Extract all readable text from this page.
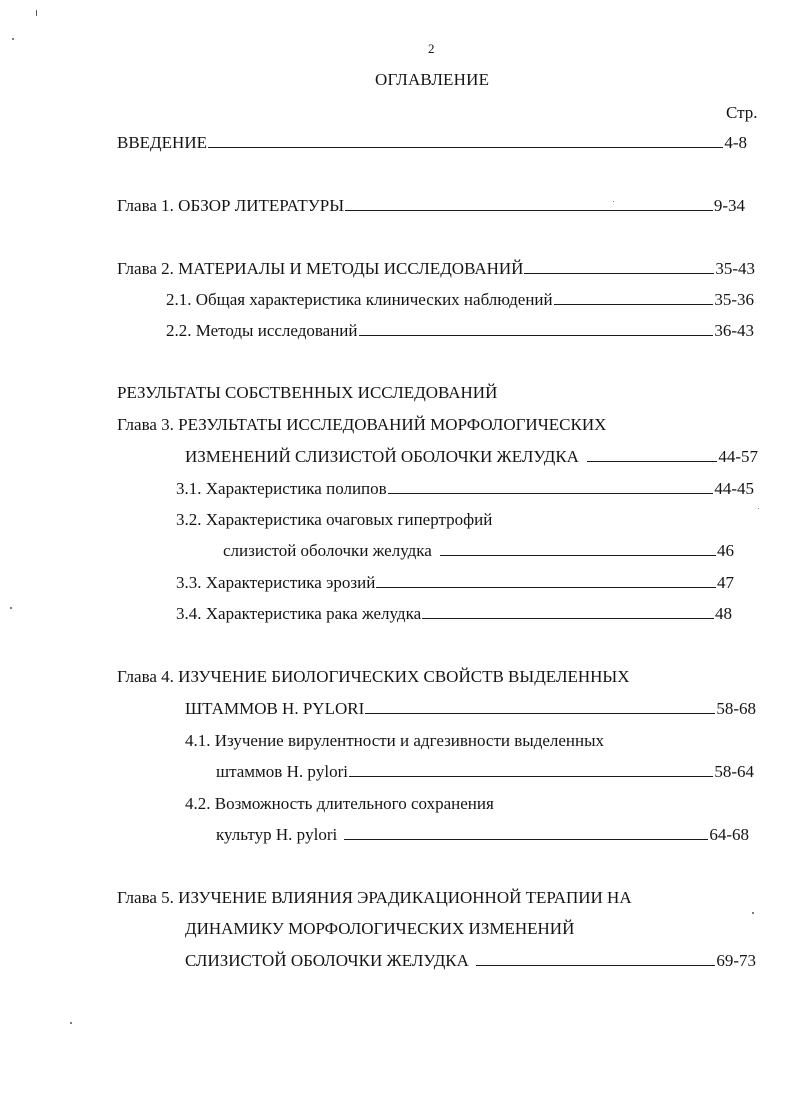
2
ОГЛАВЛЕНИЕ
Стр.
ВВЕДЕНИЕ	4-8
Глава 1. ОБЗОР ЛИТЕРАТУРЫ	9-34
Глава 2. МАТЕРИАЛЫ И МЕТОДЫ ИССЛЕДОВАНИЙ	35-43
2.1. Общая характеристика клинических наблюдений	35-36
2.2. Методы исследований	36-43
РЕЗУЛЬТАТЫ СОБСТВЕННЫХ ИССЛЕДОВАНИЙ
Глава 3. РЕЗУЛЬТАТЫ ИССЛЕДОВАНИЙ МОРФОЛОГИЧЕСКИХ
ИЗМЕНЕНИЙ СЛИЗИСТОЙ ОБОЛОЧКИ ЖЕЛУДКА	44-57
3.1. Характеристика полипов	44-45
3.2. Характеристика очаговых гипертрофий
слизистой оболочки желудка	46
3.3. Характеристика эрозий	47
3.4. Характеристика рака желудка	48
Глава 4. ИЗУЧЕНИЕ БИОЛОГИЧЕСКИХ СВОЙСТВ ВЫДЕЛЕННЫХ
ШТАММОВ H. PYLORI	58-68
4.1. Изучение вирулентности и адгезивности выделенных
штаммов H. pylori	58-64
4.2. Возможность длительного сохранения
культур H. pylori	64-68
Глава 5. ИЗУЧЕНИЕ ВЛИЯНИЯ ЭРАДИКАЦИОННОЙ ТЕРАПИИ НА
ДИНАМИКУ МОРФОЛОГИЧЕСКИХ ИЗМЕНЕНИЙ
СЛИЗИСТОЙ ОБОЛОЧКИ ЖЕЛУДКА	69-73
